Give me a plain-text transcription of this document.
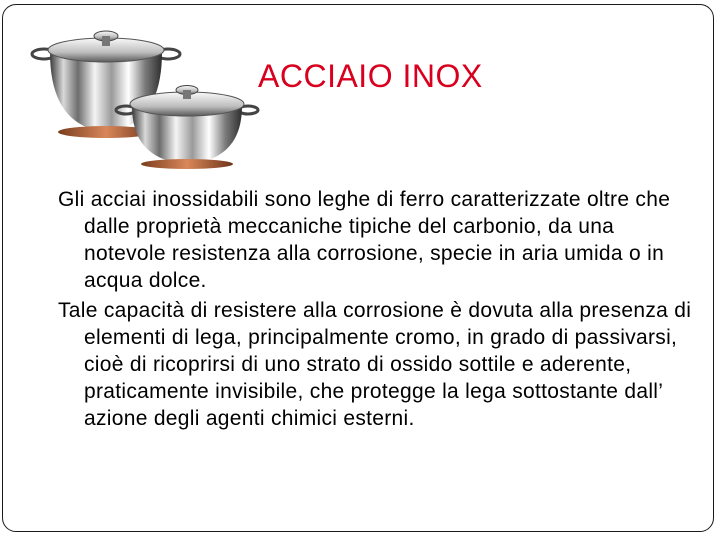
ACCIAIO INOX

Gli acciai inossidabili sono leghe di ferro caratterizzate oltre che dalle proprietà meccaniche tipiche del carbonio, da una notevole resistenza alla corrosione, specie in aria umida o in acqua dolce.

Tale capacità di resistere alla corrosione è dovuta alla presenza di elementi di lega, principalmente cromo, in grado di passivarsi, cioè di ricoprirsi di uno strato di ossido sottile e aderente, praticamente invisibile, che protegge la lega sottostante dall’ azione degli agenti chimici esterni.
